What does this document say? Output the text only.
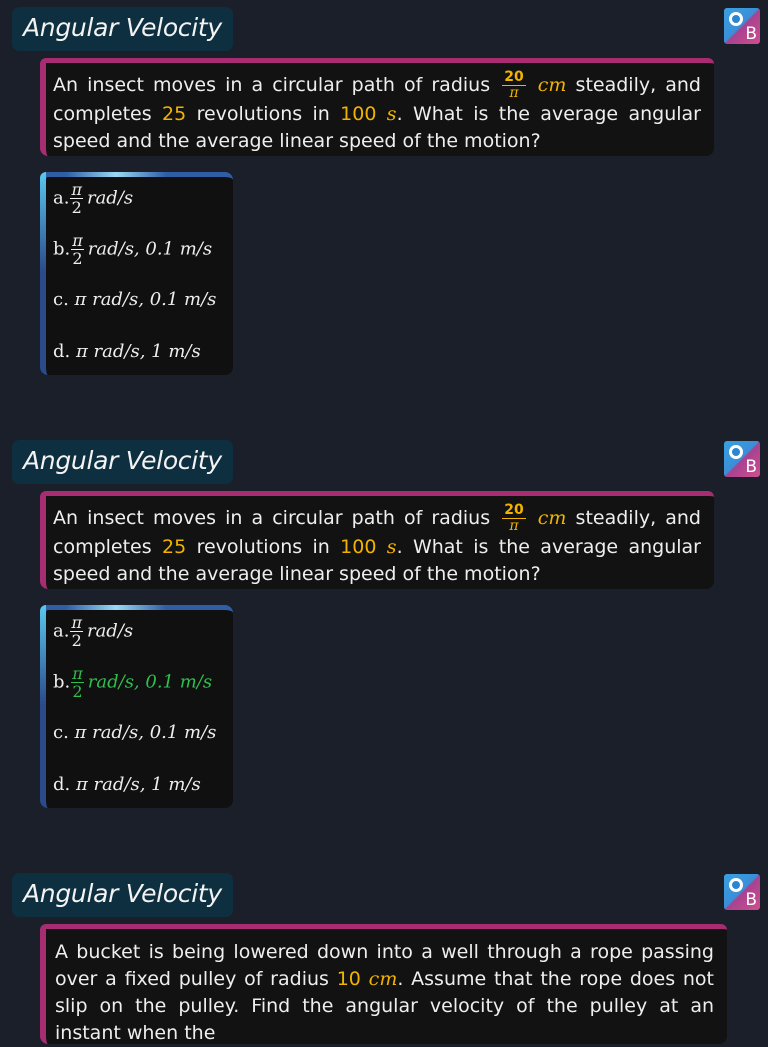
Angular Velocity	B
An insect moves in a circular path of radius $\frac{20}{\pi}$ cm steadily, and completes 25 revolutions in 100 s. What is the average angular speed and the average linear speed of the motion?
a. $\frac{\pi}{2} rad/s$
b. $\frac{\pi}{2} rad/s$, 0.1 m/s
c. π rad/s, 0.1 m/s
d. π rad/s, 1 m/s
Angular Velocity	B
An insect moves in a circular path of radius $\frac{20}{\pi}$ cm steadily, and completes 25 revolutions in 100 s. What is the average angular speed and the average linear speed of the motion?
a. $\frac{\pi}{2} rad/s$
b. $\frac{\pi}{2} rad/s$, 0.1 m/s
c. π rad/s, 0.1 m/s
d. π rad/s, 1 m/s
Angular Velocity	B
A bucket is being lowered down into a well through a rope passing over a fixed pulley of radius 10 cm. Assume that the rope does not slip on the pulley. Find the angular velocity of the pulley at an instant when the
